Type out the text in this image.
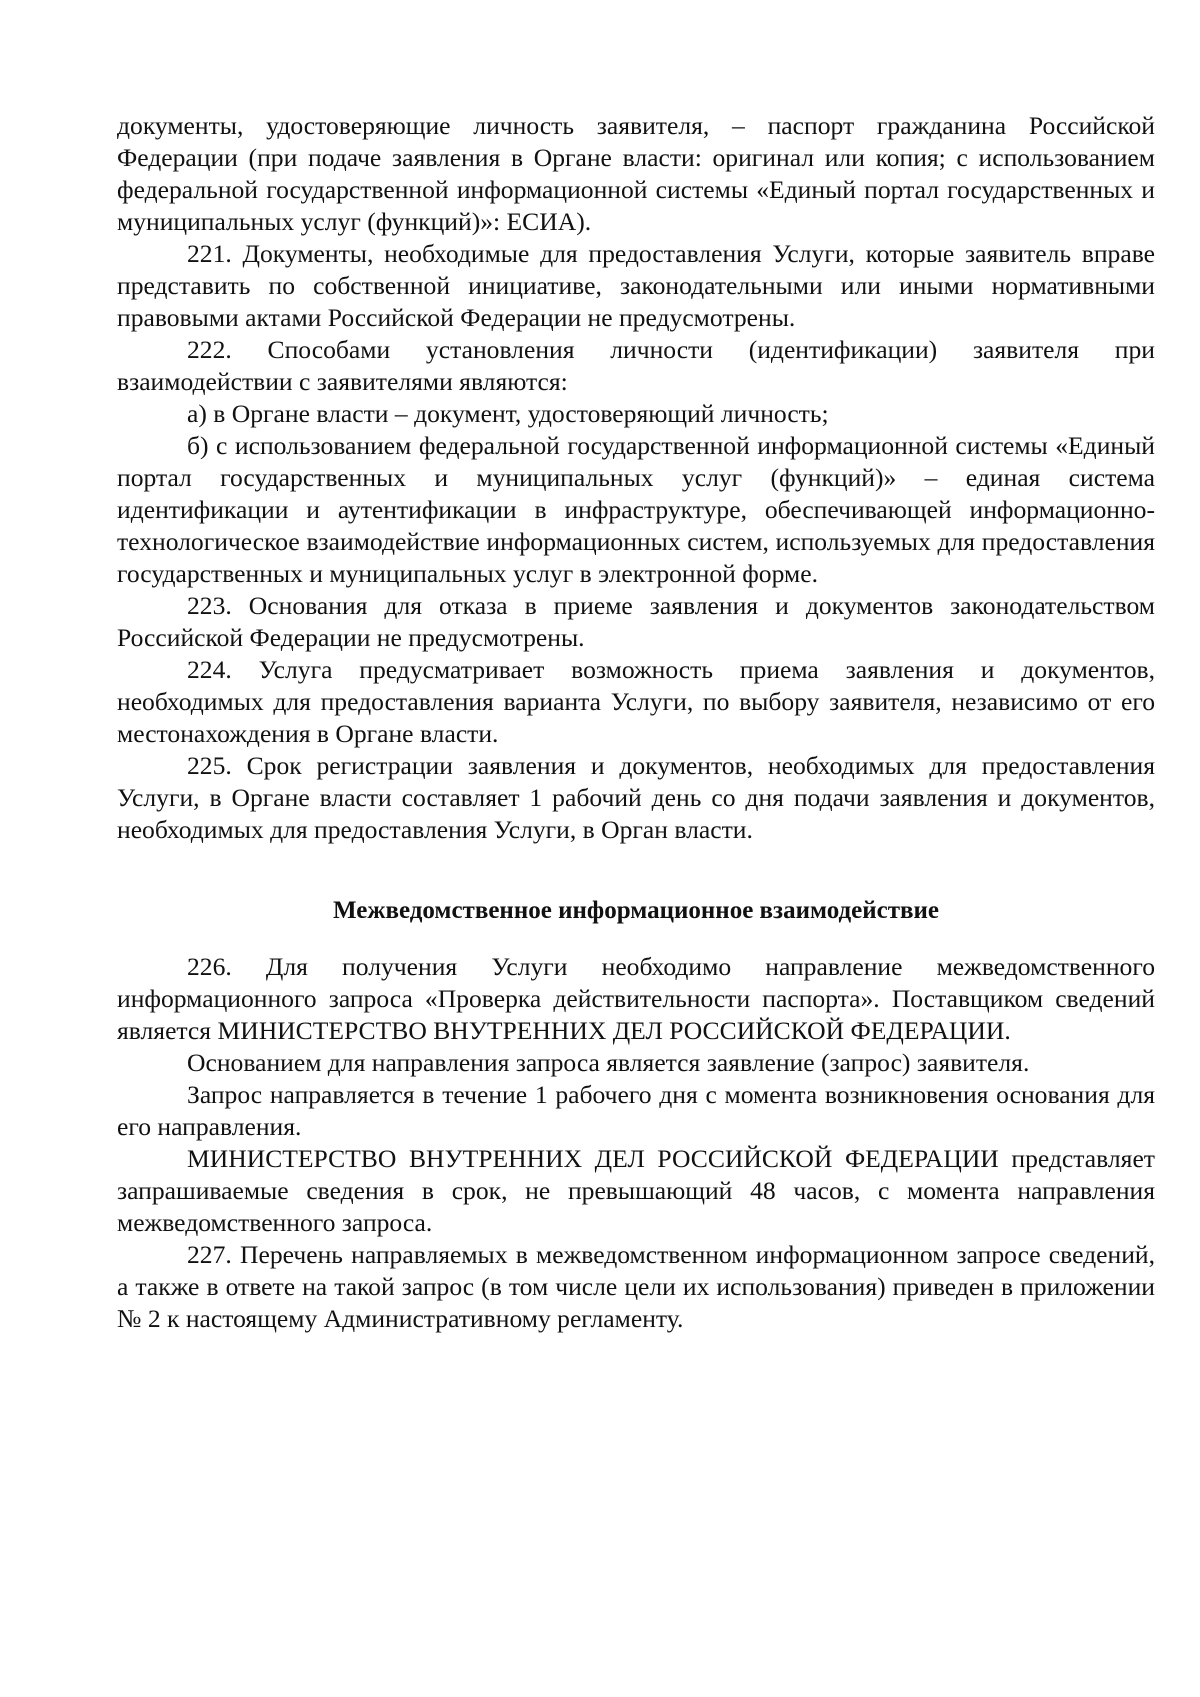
документы, удостоверяющие личность заявителя, – паспорт гражданина Российской Федерации (при подаче заявления в Органе власти: оригинал или копия; с использованием федеральной государственной информационной системы «Единый портал государственных и муниципальных услуг (функций)»: ЕСИА).

221. Документы, необходимые для предоставления Услуги, которые заявитель вправе представить по собственной инициативе, законодательными или иными нормативными правовыми актами Российской Федерации не предусмотрены.

222. Способами установления личности (идентификации) заявителя при взаимодействии с заявителями являются:

а) в Органе власти – документ, удостоверяющий личность;

б) с использованием федеральной государственной информационной системы «Единый портал государственных и муниципальных услуг (функций)» – единая система идентификации и аутентификации в инфраструктуре, обеспечивающей информационно-технологическое взаимодействие информационных систем, используемых для предоставления государственных и муниципальных услуг в электронной форме.

223. Основания для отказа в приеме заявления и документов законодательством Российской Федерации не предусмотрены.

224. Услуга предусматривает возможность приема заявления и документов, необходимых для предоставления варианта Услуги, по выбору заявителя, независимо от его местонахождения в Органе власти.

225. Срок регистрации заявления и документов, необходимых для предоставления Услуги, в Органе власти составляет 1 рабочий день со дня подачи заявления и документов, необходимых для предоставления Услуги, в Орган власти.

Межведомственное информационное взаимодействие

226. Для получения Услуги необходимо направление межведомственного информационного запроса «Проверка действительности паспорта». Поставщиком сведений является МИНИСТЕРСТВО ВНУТРЕННИХ ДЕЛ РОССИЙСКОЙ ФЕДЕРАЦИИ.

Основанием для направления запроса является заявление (запрос) заявителя.

Запрос направляется в течение 1 рабочего дня с момента возникновения основания для его направления.

МИНИСТЕРСТВО ВНУТРЕННИХ ДЕЛ РОССИЙСКОЙ ФЕДЕРАЦИИ представляет запрашиваемые сведения в срок, не превышающий 48 часов, с момента направления межведомственного запроса.

227. Перечень направляемых в межведомственном информационном запросе сведений, а также в ответе на такой запрос (в том числе цели их использования) приведен в приложении № 2 к настоящему Административному регламенту.
